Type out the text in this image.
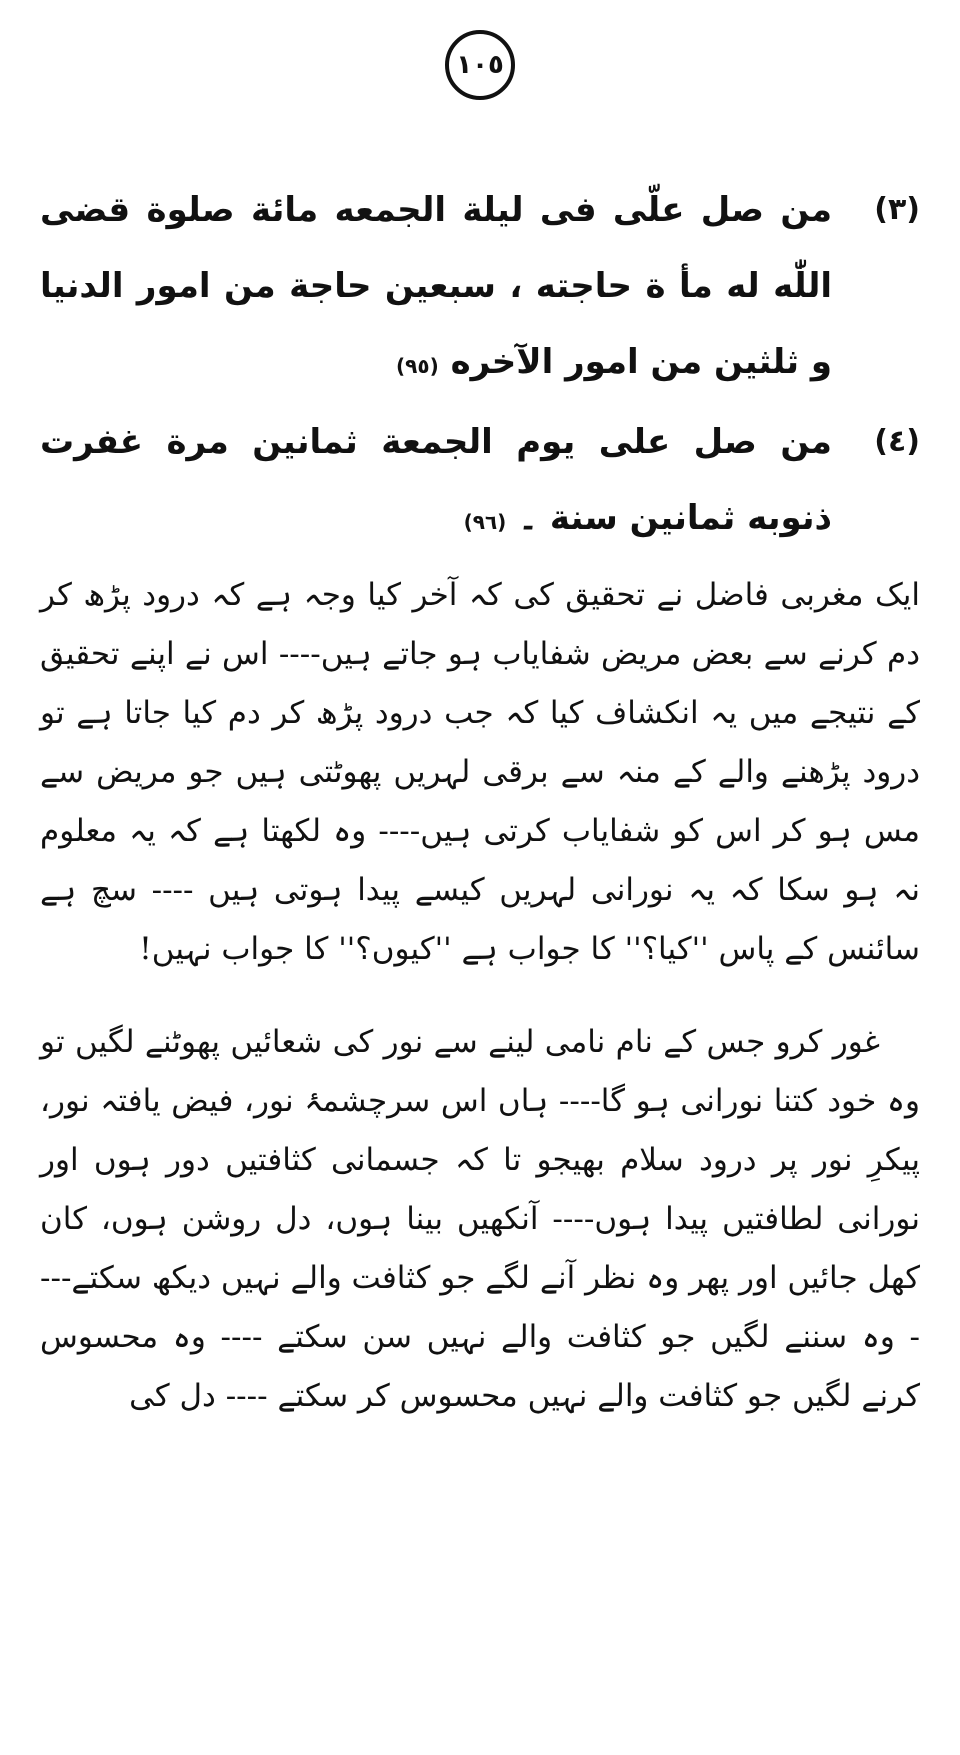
١٠٥
(٣)
من صل علّی فی لیلة الجمعه مائة صلوة قضی اللّٰه له مأ ة حاجته ، سبعین حاجة من امور الدنیا و ثلثین من امور الآخره (٩٥)
(٤)
من صل علی یوم الجمعة ثمانین مرة غفرت ذنوبه ثمانین سنة ۔ (٩٦)
ایک مغربی فاضل نے تحقیق کی کہ آخر کیا وجہ ہے کہ درود پڑھ کر دم کرنے سے بعض مریض شفایاب ہو جاتے ہیں---- اس نے اپنے تحقیق کے نتیجے میں یہ انکشاف کیا کہ جب درود پڑھ کر دم کیا جاتا ہے تو درود پڑھنے والے کے منہ سے برقی لہریں پھوٹتی ہیں جو مریض سے مس ہو کر اس کو شفایاب کرتی ہیں---- وہ لکھتا ہے کہ یہ معلوم نہ ہو سکا کہ یہ نورانی لہریں کیسے پیدا ہوتی ہیں ---- سچ ہے سائنس کے پاس ''کیا؟'' کا جواب ہے ''کیوں؟'' کا جواب نہیں!
غور کرو جس کے نام نامی لینے سے نور کی شعائیں پھوٹنے لگیں تو وہ خود کتنا نورانی ہو گا---- ہاں اس سرچشمۂ نور، فیض یافتہ نور، پیکرِ نور پر درود سلام بھیجو تا کہ جسمانی کثافتیں دور ہوں اور نورانی لطافتیں پیدا ہوں---- آنکھیں بینا ہوں، دل روشن ہوں، کان کھل جائیں اور پھر وہ نظر آنے لگے جو کثافت والے نہیں دیکھ سکتے---- وہ سننے لگیں جو کثافت والے نہیں سن سکتے ---- وہ محسوس کرنے لگیں جو کثافت والے نہیں محسوس کر سکتے ---- دل کی
